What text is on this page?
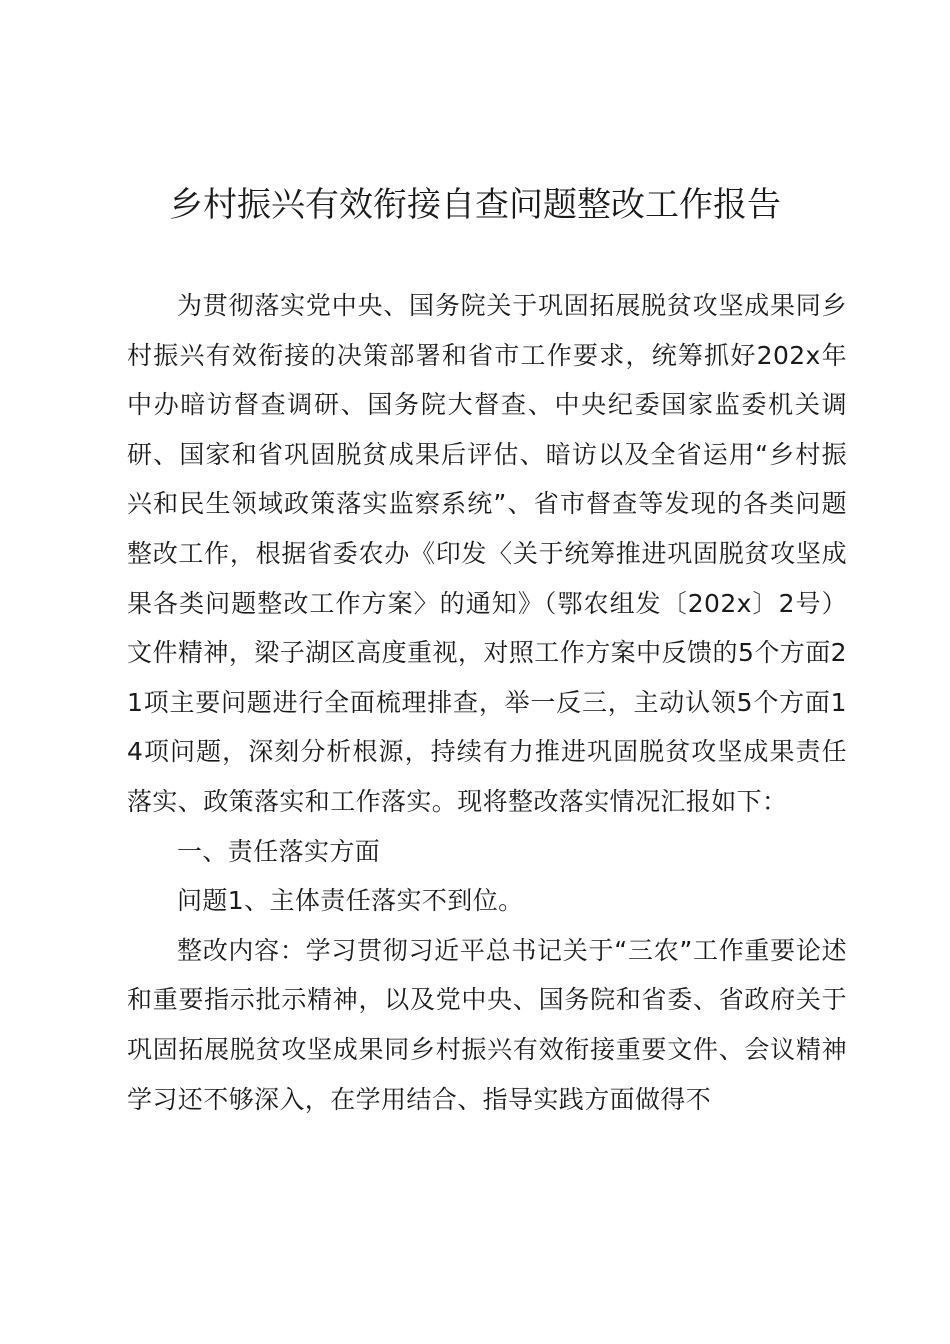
乡村振兴有效衔接自查问题整改工作报告

为贯彻落实党中央、国务院关于巩固拓展脱贫攻坚成果同乡村振兴有效衔接的决策部署和省市工作要求，统筹抓好202x年中办暗访督查调研、国务院大督查、中央纪委国家监委机关调研、国家和省巩固脱贫成果后评估、暗访以及全省运用“乡村振兴和民生领域政策落实监察系统”、省市督查等发现的各类问题整改工作，根据省委农办《印发〈关于统筹推进巩固脱贫攻坚成果各类问题整改工作方案〉的通知》（鄂农组发〔202x〕2号）文件精神，梁子湖区高度重视，对照工作方案中反馈的5个方面21项主要问题进行全面梳理排查，举一反三，主动认领5个方面14项问题，深刻分析根源，持续有力推进巩固脱贫攻坚成果责任落实、政策落实和工作落实。现将整改落实情况汇报如下：

一、责任落实方面

问题1、主体责任落实不到位。

整改内容：学习贯彻习近平总书记关于“三农”工作重要论述和重要指示批示精神，以及党中央、国务院和省委、省政府关于巩固拓展脱贫攻坚成果同乡村振兴有效衔接重要文件、会议精神学习还不够深入，在学用结合、指导实践方面做得不
